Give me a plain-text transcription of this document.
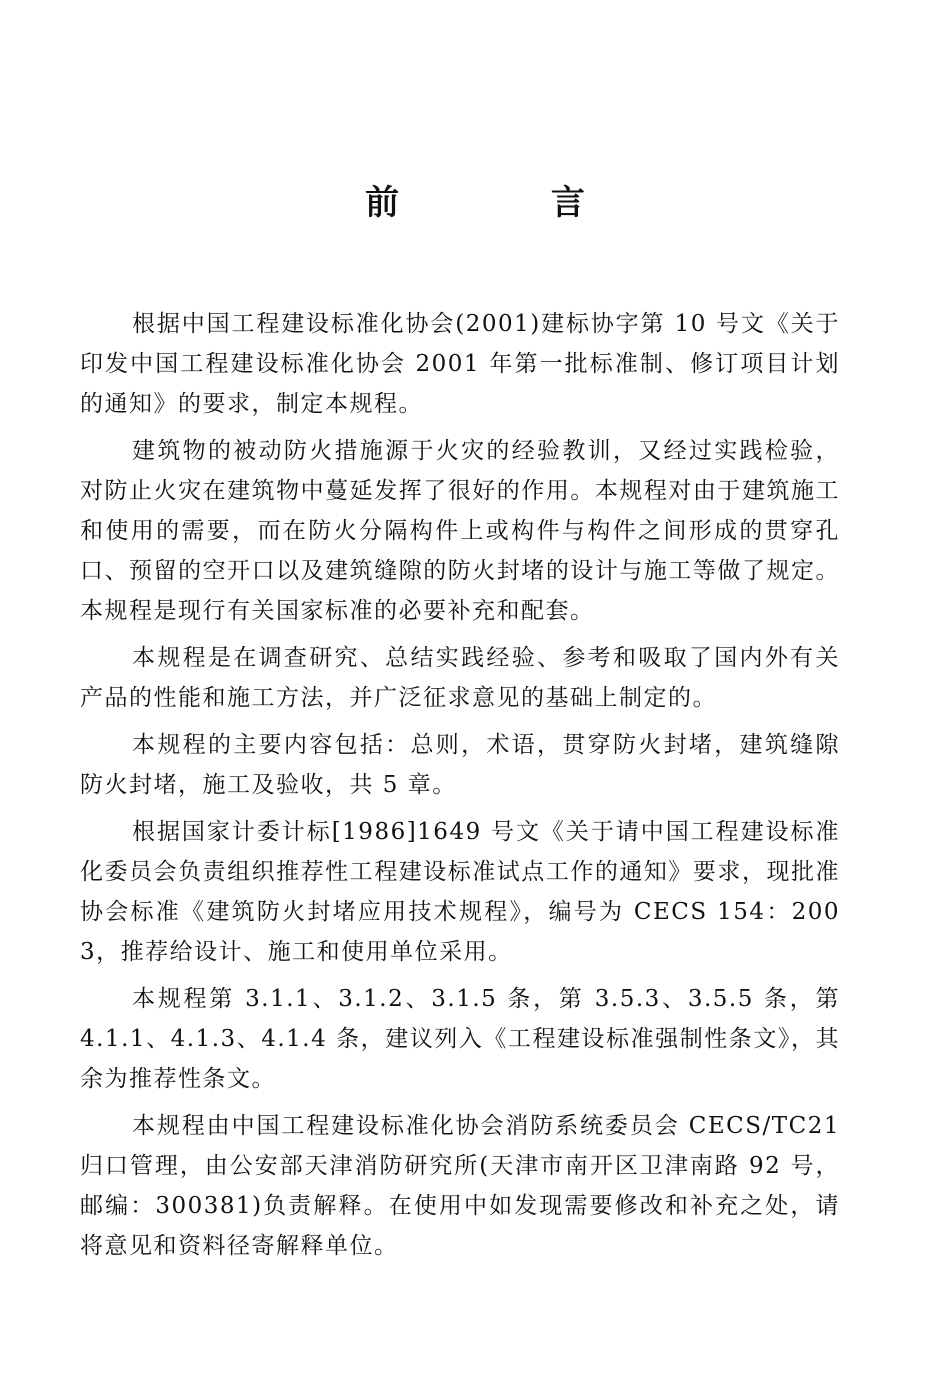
前 言

根据中国工程建设标准化协会(2001)建标协字第 10 号文《关于印发中国工程建设标准化协会 2001 年第一批标准制、修订项目计划的通知》的要求，制定本规程。

建筑物的被动防火措施源于火灾的经验教训，又经过实践检验，对防止火灾在建筑物中蔓延发挥了很好的作用。本规程对由于建筑施工和使用的需要，而在防火分隔构件上或构件与构件之间形成的贯穿孔口、预留的空开口以及建筑缝隙的防火封堵的设计与施工等做了规定。本规程是现行有关国家标准的必要补充和配套。

本规程是在调查研究、总结实践经验、参考和吸取了国内外有关产品的性能和施工方法，并广泛征求意见的基础上制定的。

本规程的主要内容包括：总则，术语，贯穿防火封堵，建筑缝隙防火封堵，施工及验收，共 5 章。

根据国家计委计标[1986]1649 号文《关于请中国工程建设标准化委员会负责组织推荐性工程建设标准试点工作的通知》要求，现批准协会标准《建筑防火封堵应用技术规程》，编号为 CECS 154：2003，推荐给设计、施工和使用单位采用。

本规程第 3.1.1、3.1.2、3.1.5 条，第 3.5.3、3.5.5 条，第 4.1.1、4.1.3、4.1.4 条，建议列入《工程建设标准强制性条文》，其余为推荐性条文。

本规程由中国工程建设标准化协会消防系统委员会 CECS/TC21 归口管理，由公安部天津消防研究所(天津市南开区卫津南路 92 号，邮编：300381)负责解释。在使用中如发现需要修改和补充之处，请将意见和资料径寄解释单位。
